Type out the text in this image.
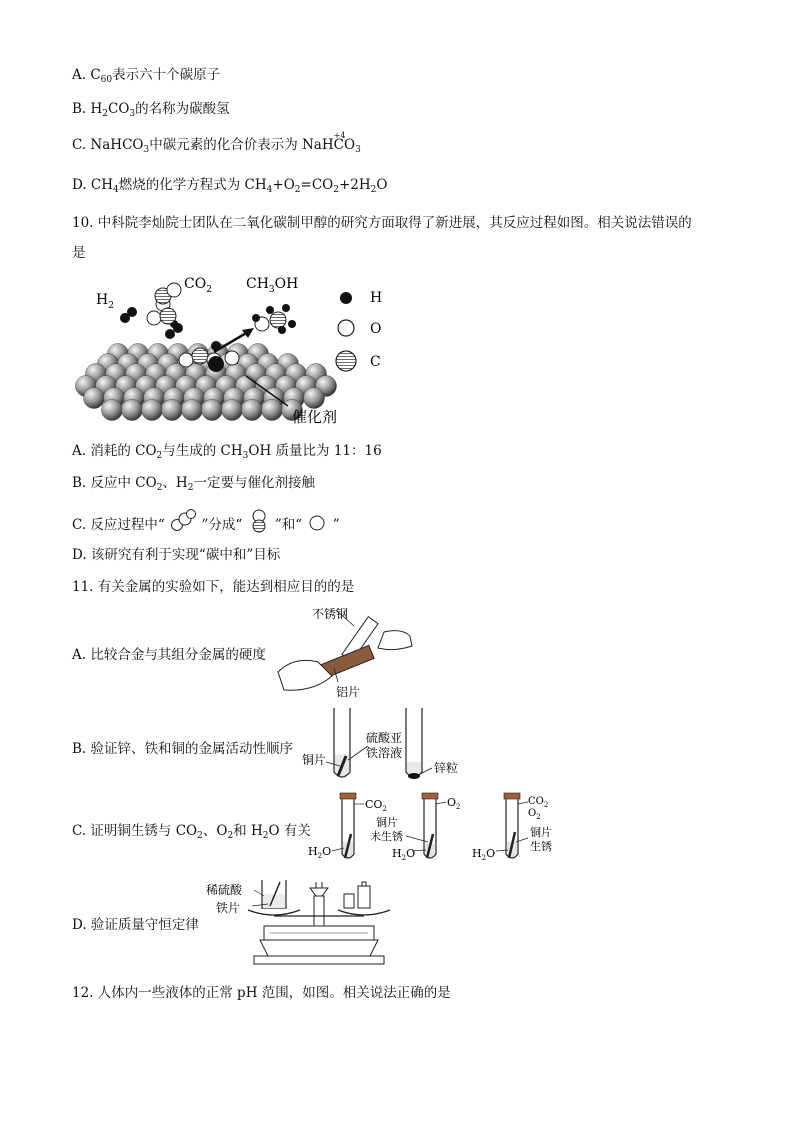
A. $C_{60}$表示六十个碳原子
B. $H_2CO_3$的名称为碳酸氢
C. NaHCO$_3$中碳元素的化合价表示为 NaH
+4
$CO_3$
D. $CH_4$燃烧的化学方程式为 $CH_4+O_2=CO_2+2H_2O$
10. 中科院李灿院士团队在二氧化碳制甲醇的研究方面取得了新进展，其反应过程如图。相关说法错误的
是
$H_2$
$CO_2$ $CH_3OH$
H
O
C
催化剂
A. 消耗的 $CO_2$与生成的 $CH_3OH$ 质量比为 11：16
B. 反应中 $CO_2$、$H_2$一定要与催化剂接触
C. 反应过程中“	”分成“ ”和“ ”
D. 该研究有利于实现“碳中和”目标
11. 有关金属的实验如下，能达到相应目的的是
A. 比较合金与其组分金属的硬度
不锈钢
铝片
B. 验证锌、铁和铜的金属活动性顺序
铜片
硫酸亚
铁溶液
锌粒
C. 证明铜生锈与 $CO_2$、$O_2$和 $H_2O$ 有关
$CO_2$
$H_2O$
$O_2$
铜片
未生锈
$H_2O$
$CO_2$
$O_2$
铜片
生锈
$H_2O$
D. 验证质量守恒定律
稀硫酸
铁片
12. 人体内一些液体的正常 pH 范围，如图。相关说法正确的是
